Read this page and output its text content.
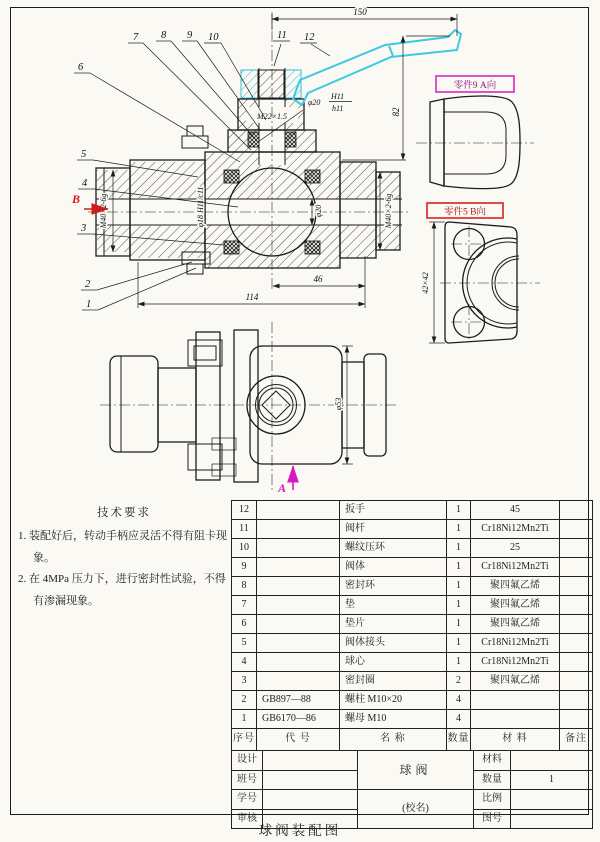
M22×1.5
150
82
φ20
H11
h11
φ18 H11/c11	φ20
M40×2-6g	M40×2-6g
46
114
B
6
7 8 9 10	11 12
5
4
3
2
1
φ53
A
零件9 A向
零件5 B向
42×42
技术要求

1. 装配好后，转动手柄应灵活不得有阻卡现象。

2. 在 4MPa 压力下，进行密封性试验，不得有渗漏现象。

12		扳手	1	45	
11		阀杆	1	Cr18Ni12Mn2Ti	
10		螺纹压环	1	25	
9		阀体	1	Cr18Ni12Mn2Ti	
8		密封环	1	聚四氟乙烯	
7		垫	1	聚四氟乙烯	
6		垫片	1	聚四氟乙烯	
5		阀体接头	1	Cr18Ni12Mn2Ti	
4		球心	1	Cr18Ni12Mn2Ti	
3		密封圈	2	聚四氟乙烯	
2	GB897—88	螺柱 M10×20	4		
1	GB6170—86	螺母 M10	4		
序号	代 号	名 称	数量	材 料	备注
设计		球阀	材料	
班号			数量	1
学号		(校名)	比例	
审核			图号	
球阀装配图
